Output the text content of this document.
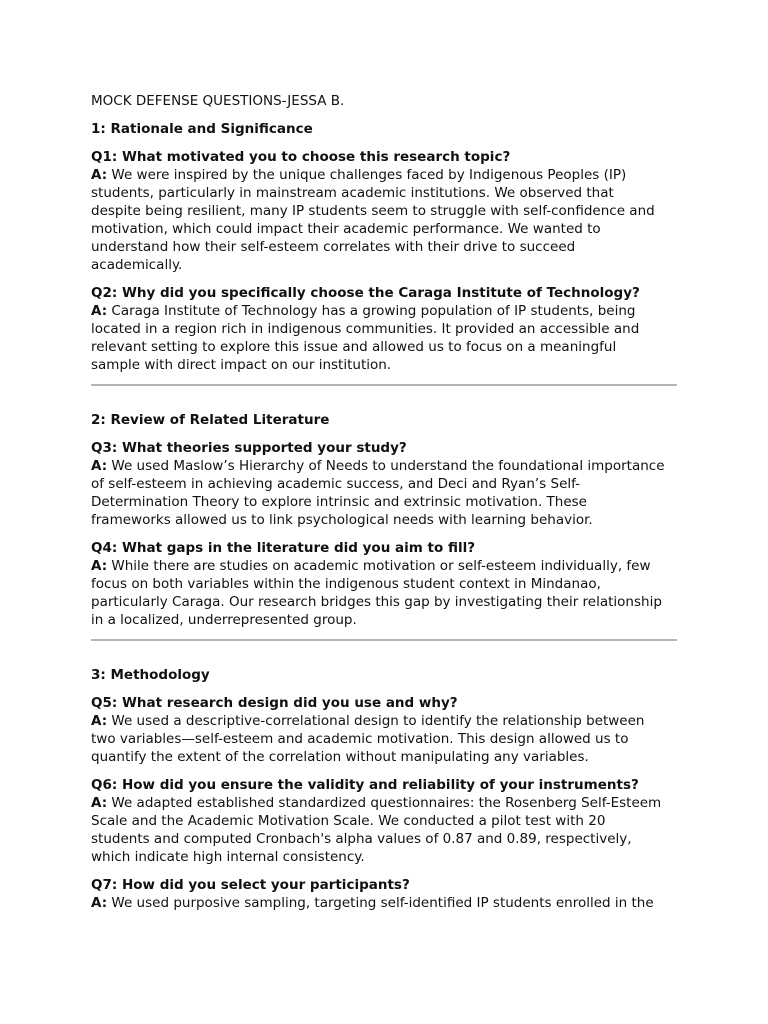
MOCK DEFENSE QUESTIONS-JESSA B.
1: Rationale and Significance
Q1: What motivated you to choose this research topic?
A: We were inspired by the unique challenges faced by Indigenous Peoples (IP)
students, particularly in mainstream academic institutions. We observed that
despite being resilient, many IP students seem to struggle with self-confidence and
motivation, which could impact their academic performance. We wanted to
understand how their self-esteem correlates with their drive to succeed
academically.
Q2: Why did you specifically choose the Caraga Institute of Technology?
A: Caraga Institute of Technology has a growing population of IP students, being
located in a region rich in indigenous communities. It provided an accessible and
relevant setting to explore this issue and allowed us to focus on a meaningful
sample with direct impact on our institution.
2: Review of Related Literature
Q3: What theories supported your study?
A: We used Maslow’s Hierarchy of Needs to understand the foundational importance
of self-esteem in achieving academic success, and Deci and Ryan’s Self-
Determination Theory to explore intrinsic and extrinsic motivation. These
frameworks allowed us to link psychological needs with learning behavior.
Q4: What gaps in the literature did you aim to fill?
A: While there are studies on academic motivation or self-esteem individually, few
focus on both variables within the indigenous student context in Mindanao,
particularly Caraga. Our research bridges this gap by investigating their relationship
in a localized, underrepresented group.
3: Methodology
Q5: What research design did you use and why?
A: We used a descriptive-correlational design to identify the relationship between
two variables—self-esteem and academic motivation. This design allowed us to
quantify the extent of the correlation without manipulating any variables.
Q6: How did you ensure the validity and reliability of your instruments?
A: We adapted established standardized questionnaires: the Rosenberg Self-Esteem
Scale and the Academic Motivation Scale. We conducted a pilot test with 20
students and computed Cronbach's alpha values of 0.87 and 0.89, respectively,
which indicate high internal consistency.
Q7: How did you select your participants?
A: We used purposive sampling, targeting self-identified IP students enrolled in the
